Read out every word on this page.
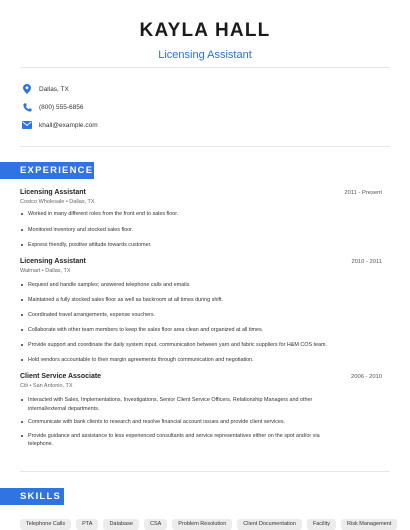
KAYLA HALL
Licensing Assistant
Dallas, TX
(800) 555-6856
khall@example.com
EXPERIENCE
Licensing Assistant	2011 - Present
Costco Wholesale • Dallas, TX
Worked in many different roles from the front end to sales floor.
Monitored inventory and stocked sales floor.
Express friendly, positive attitude towards customer.
Licensing Assistant	2010 - 2011
Walmart • Dallas, TX
Request and handle samples; answered telephone calls and emails.
Maintained a fully stocked sales floor as well as backroom at all times during shift.
Coordinated travel arrangements, expense vouchers.
Collaborate with other team members to keep the sales floor area clean and organized at all times.
Provide support and coordinate the daily system input, communication between yarn and fabric suppliers for H&M COS team.
Hold vendors accountable to their margin agreements through communication and negotiation.
Client Service Associate	2006 - 2010
Citi • San Antonio, TX
Interacted with Sales, Implementations, Investigations, Senior Client Service Officers, Relationship Managers and other internal/external departments.
Communicate with bank clients to research and resolve financial account issues and provide client services.
Provide guidance and assistance to less experienced consultants and service representatives either on the spot and/or via telephone.
SKILLS
Telephone Calls	PTA	Database	CSA	Problem Resolution	Client Documentation	Facility	Risk Management
